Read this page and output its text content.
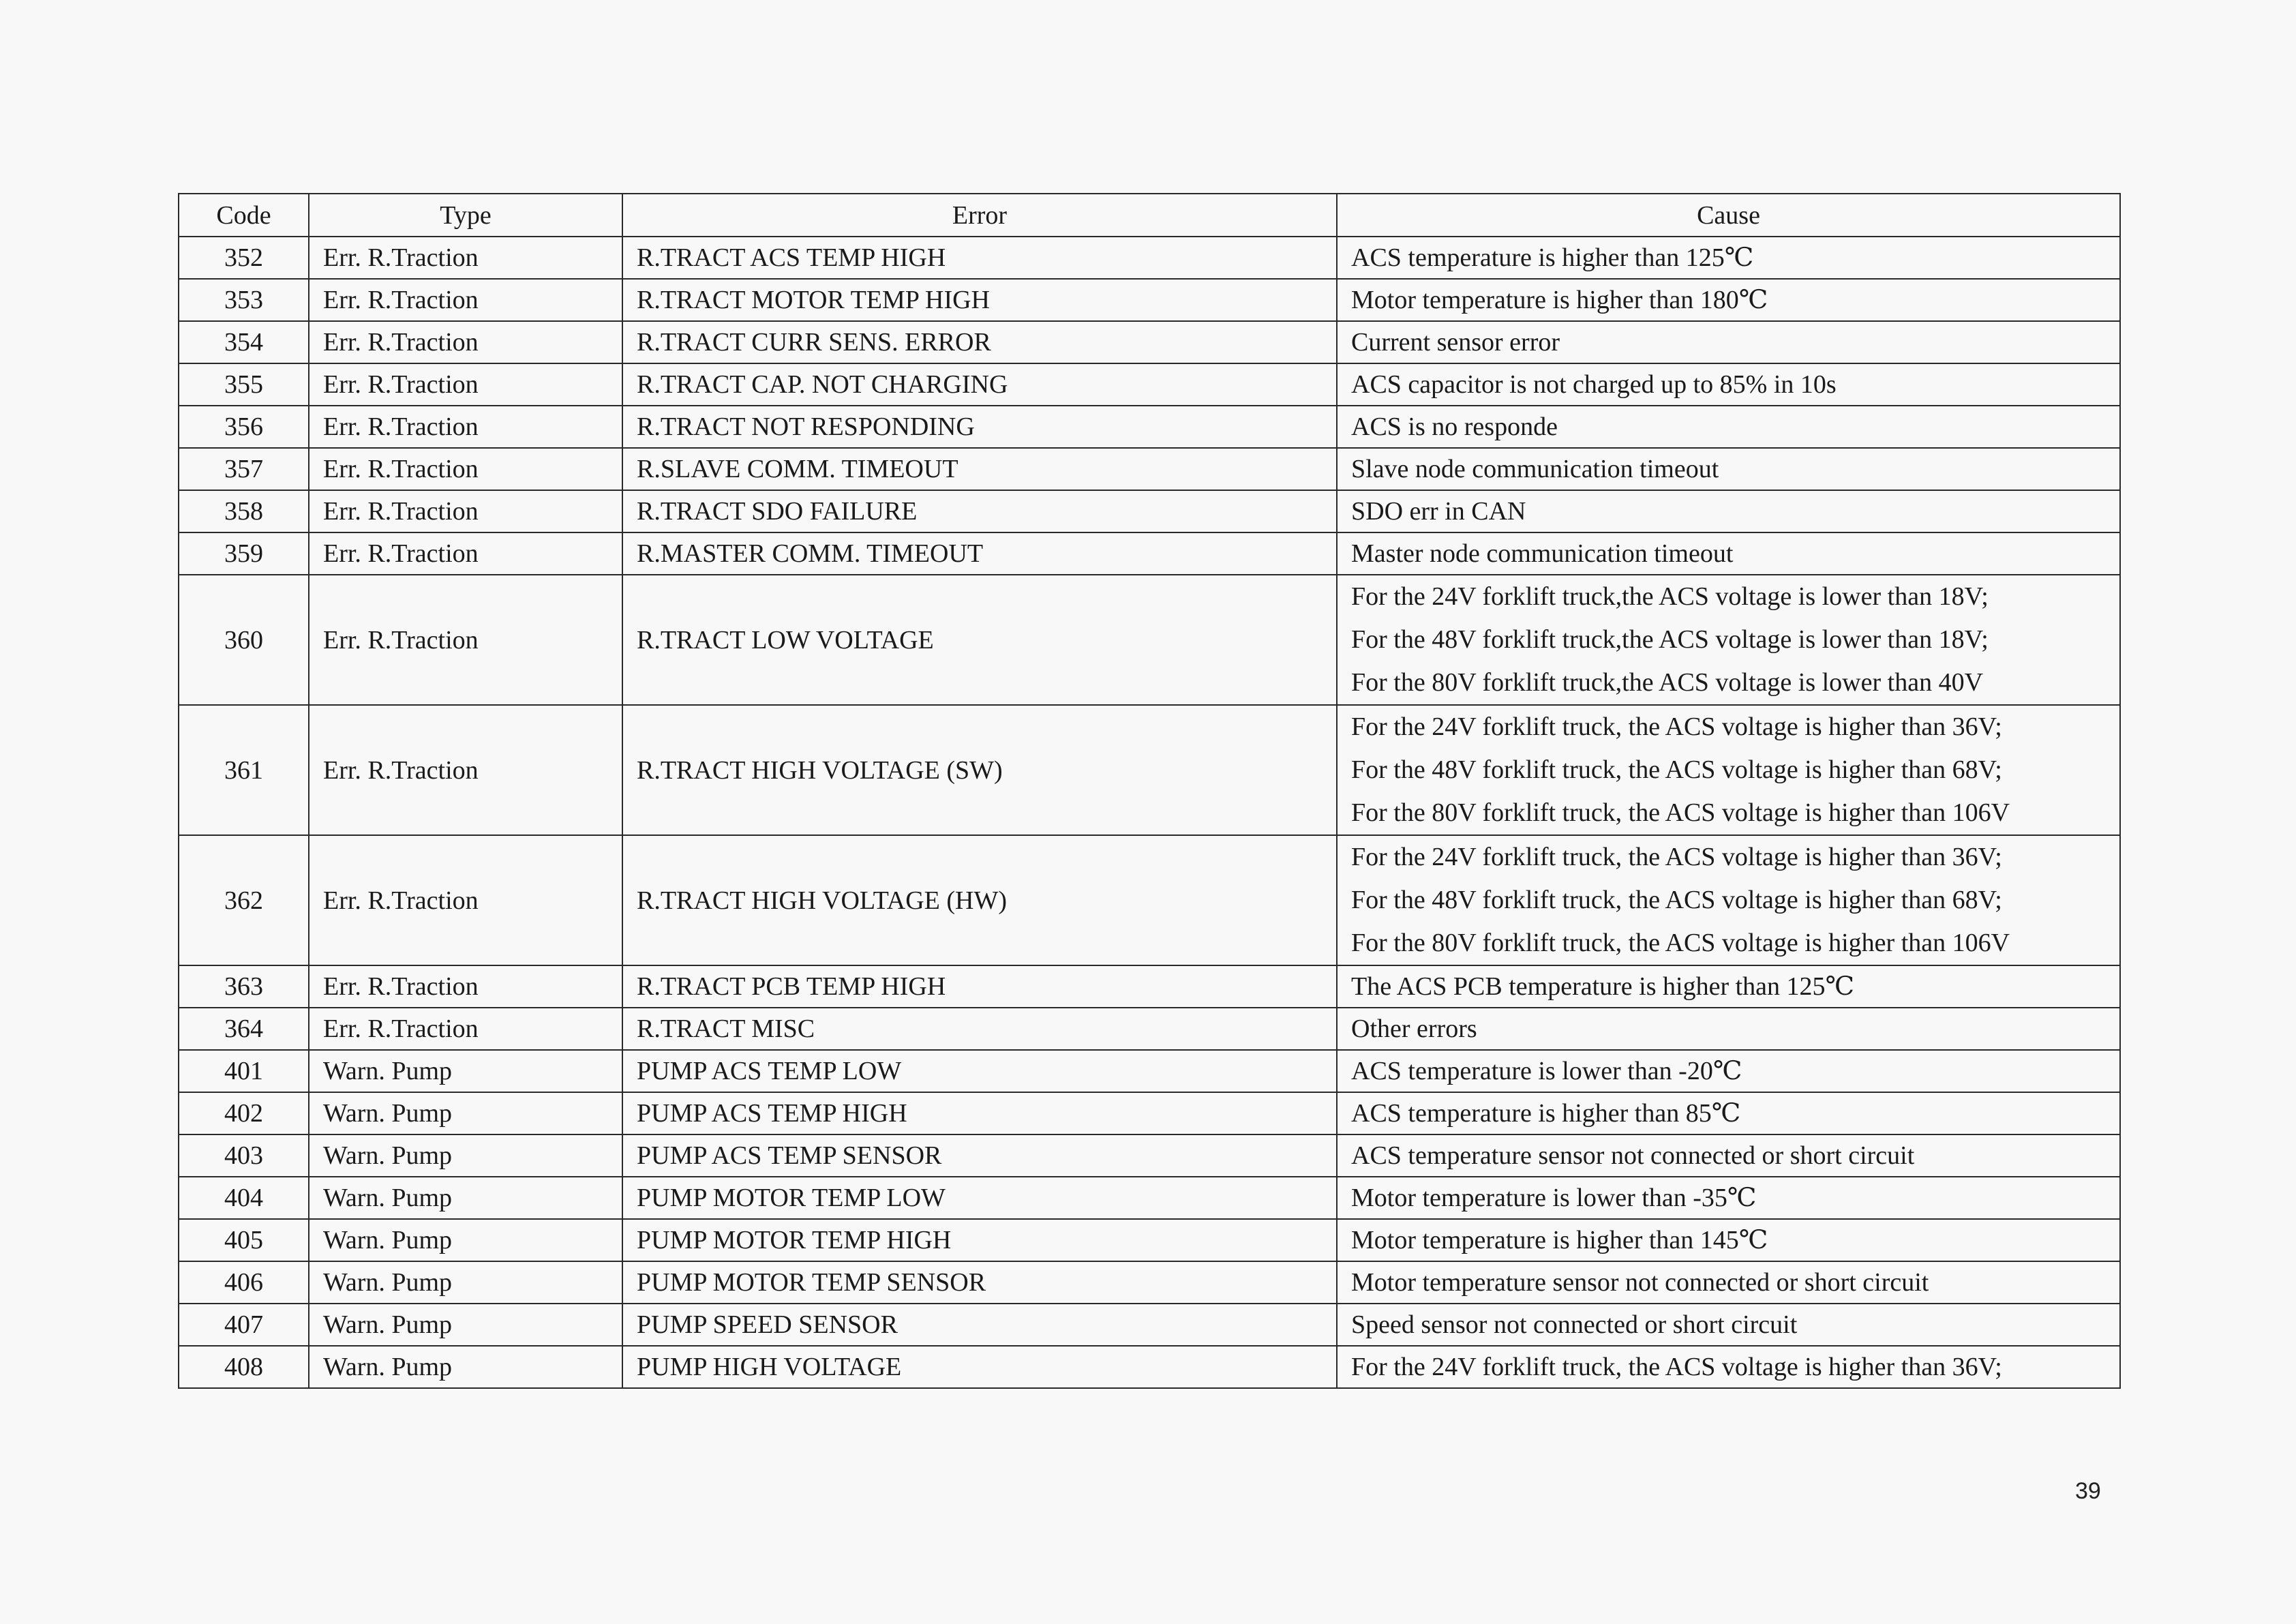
Code	Type	Error	Cause
352	Err. R.Traction	R.TRACT ACS TEMP HIGH	ACS temperature is higher than 125℃

353	Err. R.Traction	R.TRACT MOTOR TEMP HIGH	Motor temperature is higher than 180℃

354	Err. R.Traction	R.TRACT CURR SENS. ERROR	Current sensor error

355	Err. R.Traction	R.TRACT CAP. NOT CHARGING	ACS capacitor is not charged up to 85% in 10s

356	Err. R.Traction	R.TRACT NOT RESPONDING	ACS is no responde

357	Err. R.Traction	R.SLAVE COMM. TIMEOUT	Slave node communication timeout

358	Err. R.Traction	R.TRACT SDO FAILURE	SDO err in CAN

359	Err. R.Traction	R.MASTER COMM. TIMEOUT	Master node communication timeout

360	Err. R.Traction	R.TRACT LOW VOLTAGE	For the 24V forklift truck,the ACS voltage is lower than 18V;
For the 48V forklift truck,the ACS voltage is lower than 18V;
For the 80V forklift truck,the ACS voltage is lower than 40V

361	Err. R.Traction	R.TRACT HIGH VOLTAGE (SW)	For the 24V forklift truck, the ACS voltage is higher than 36V;
For the 48V forklift truck, the ACS voltage is higher than 68V;
For the 80V forklift truck, the ACS voltage is higher than 106V

362	Err. R.Traction	R.TRACT HIGH VOLTAGE (HW)	For the 24V forklift truck, the ACS voltage is higher than 36V;
For the 48V forklift truck, the ACS voltage is higher than 68V;
For the 80V forklift truck, the ACS voltage is higher than 106V

363	Err. R.Traction	R.TRACT PCB TEMP HIGH	The ACS PCB temperature is higher than 125℃

364	Err. R.Traction	R.TRACT MISC	Other errors

401	Warn. Pump	PUMP ACS TEMP LOW	ACS temperature is lower than -20℃

402	Warn. Pump	PUMP ACS TEMP HIGH	ACS temperature is higher than 85℃

403	Warn. Pump	PUMP ACS TEMP SENSOR	ACS temperature sensor not connected or short circuit

404	Warn. Pump	PUMP MOTOR TEMP LOW	Motor temperature is lower than -35℃

405	Warn. Pump	PUMP MOTOR TEMP HIGH	Motor temperature is higher than 145℃

406	Warn. Pump	PUMP MOTOR TEMP SENSOR	Motor temperature sensor not connected or short circuit

407	Warn. Pump	PUMP SPEED SENSOR	Speed sensor not connected or short circuit

408	Warn. Pump	PUMP HIGH VOLTAGE	For the 24V forklift truck, the ACS voltage is higher than 36V;
39
